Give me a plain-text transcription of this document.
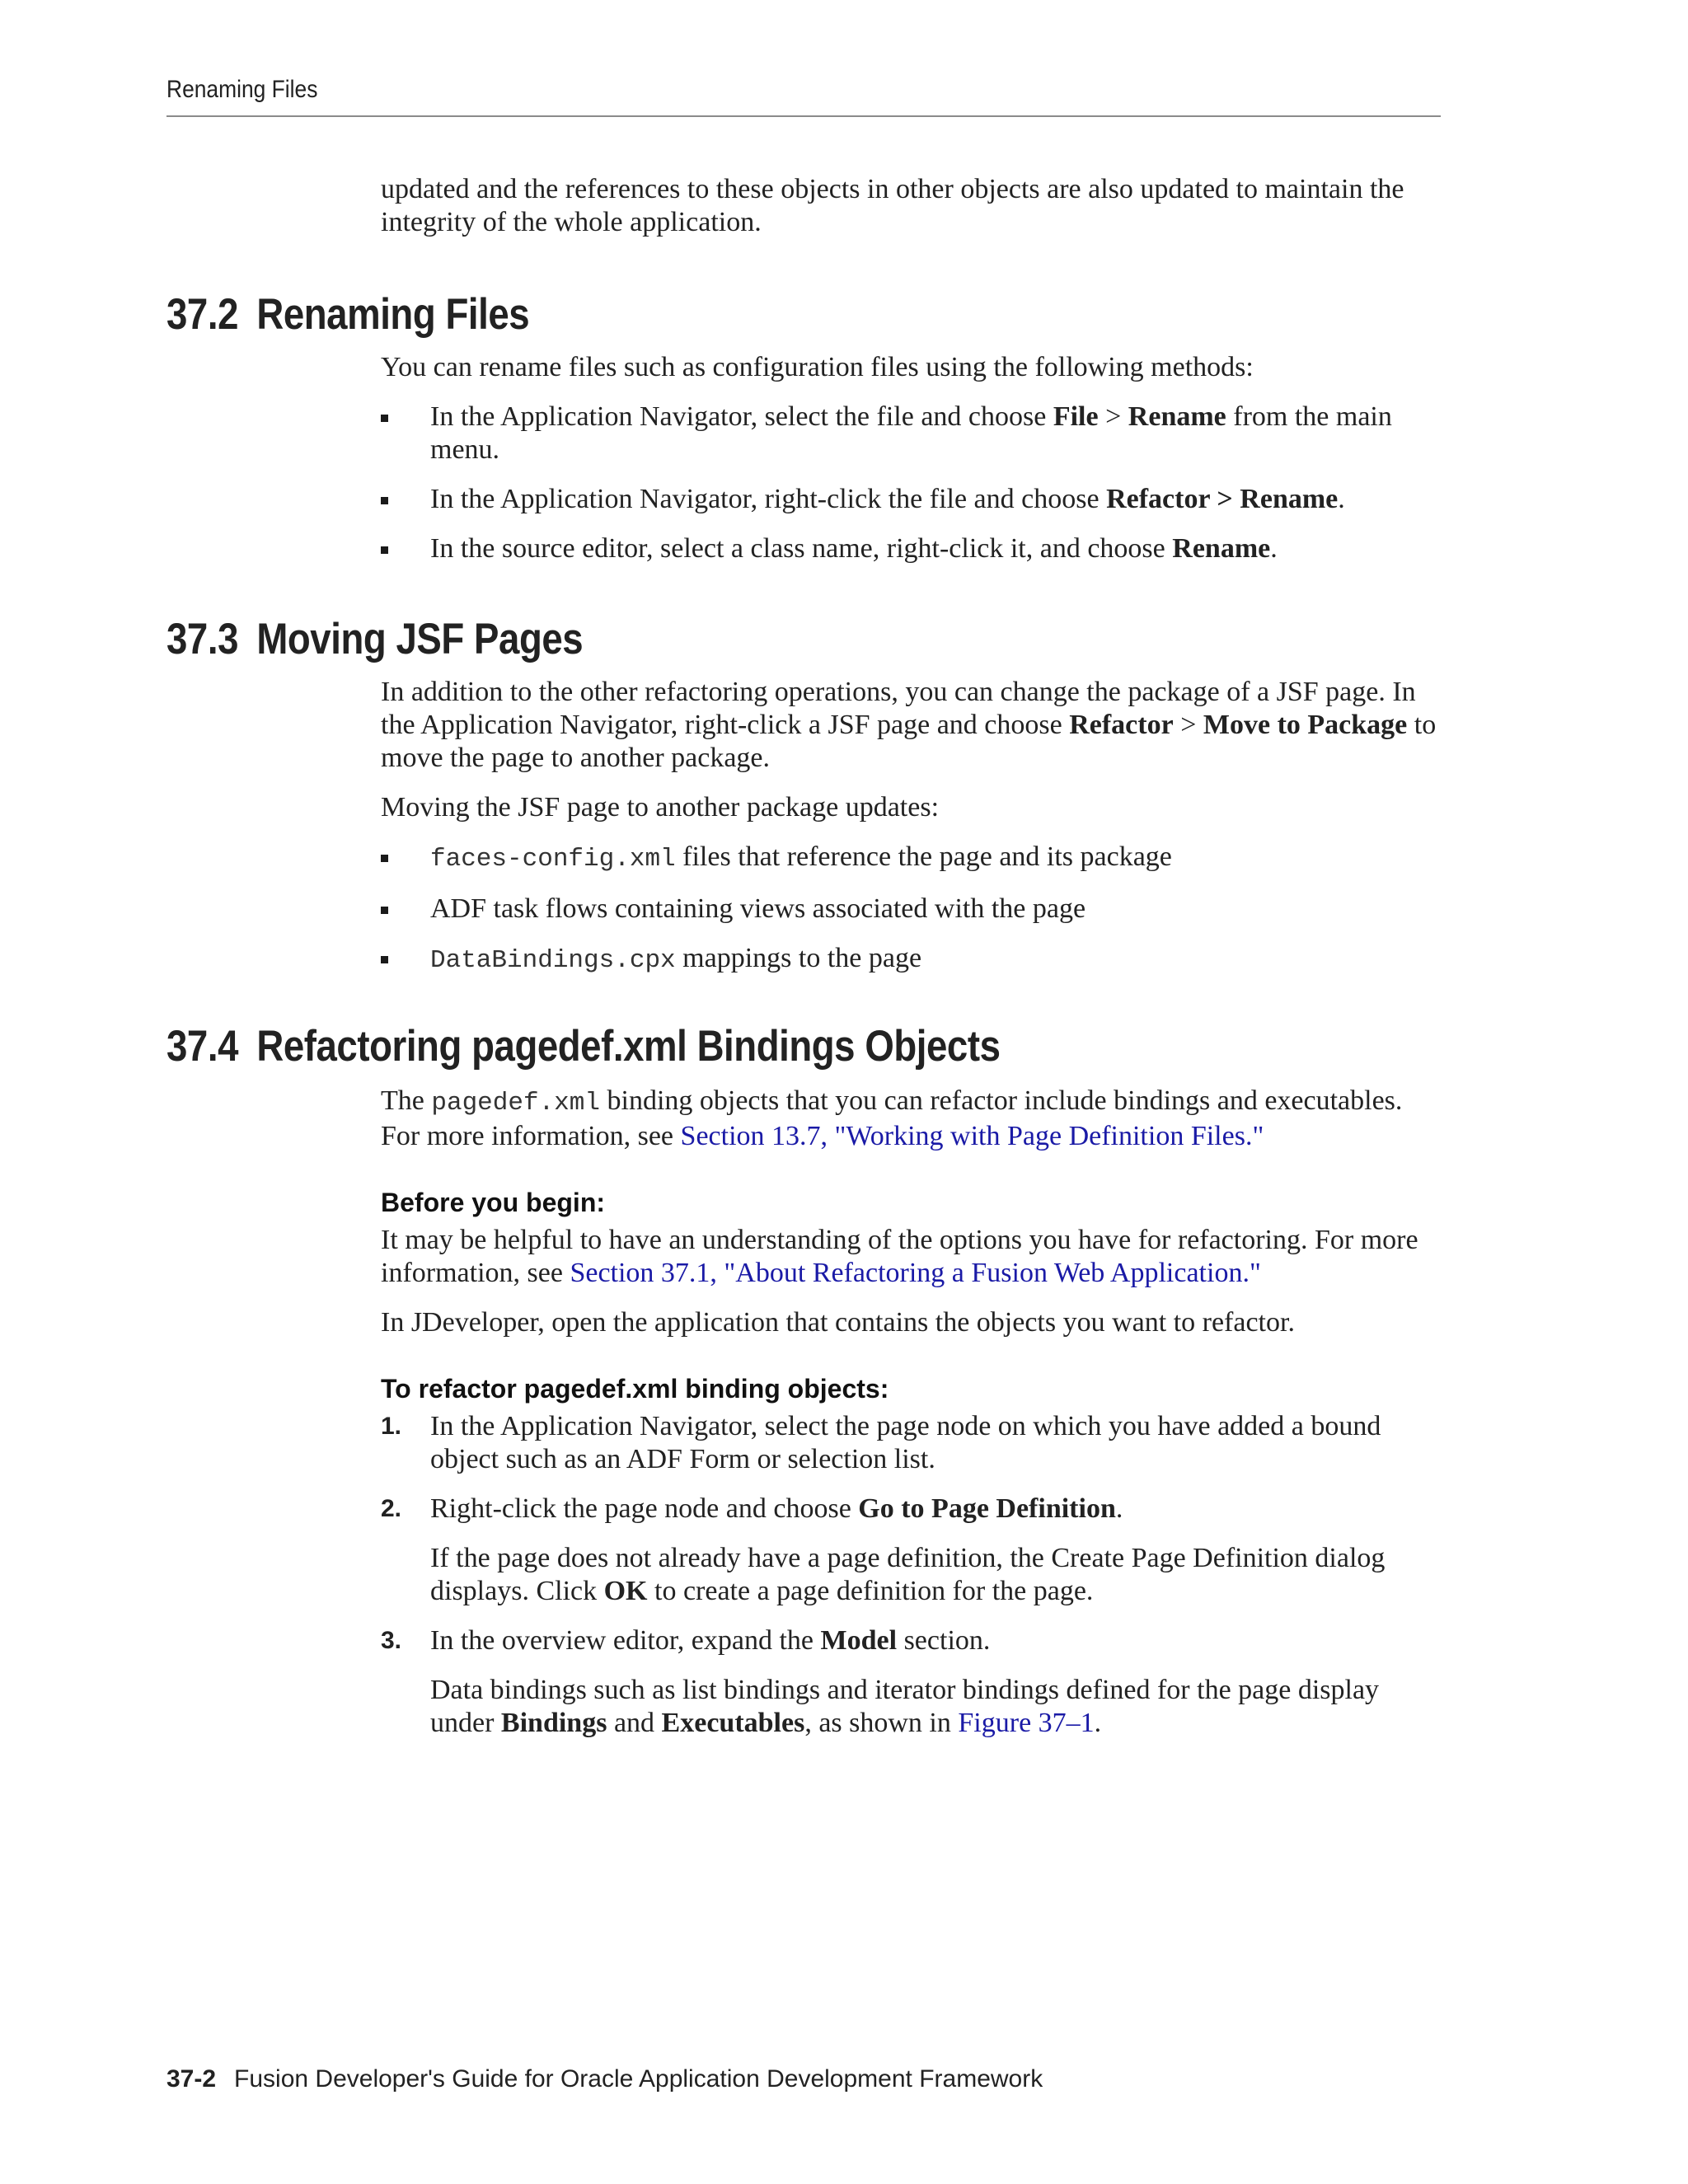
Renaming Files

updated and the references to these objects in other objects are also updated to maintain the integrity of the whole application.

37.2 Renaming Files

You can rename files such as configuration files using the following methods:

In the Application Navigator, select the file and choose File > Rename from the main menu.
In the Application Navigator, right-click the file and choose Refactor > Rename.
In the source editor, select a class name, right-click it, and choose Rename.
37.3 Moving JSF Pages

In addition to the other refactoring operations, you can change the package of a JSF page. In the Application Navigator, right-click a JSF page and choose Refactor > Move to Package to move the page to another package.

Moving the JSF page to another package updates:

faces-config.xml files that reference the page and its package
ADF task flows containing views associated with the page
DataBindings.cpx mappings to the page
37.4 Refactoring pagedef.xml Bindings Objects

The pagedef.xml binding objects that you can refactor include bindings and executables. For more information, see Section 13.7, "Working with Page Definition Files."

Before you begin:

It may be helpful to have an understanding of the options you have for refactoring. For more information, see Section 37.1, "About Refactoring a Fusion Web Application."

In JDeveloper, open the application that contains the objects you want to refactor.

To refactor pagedef.xml binding objects:
1. In the Application Navigator, select the page node on which you have added a bound object such as an ADF Form or selection list.
2. Right-click the page node and choose Go to Page Definition.
If the page does not already have a page definition, the Create Page Definition dialog displays. Click OK to create a page definition for the page.
3. In the overview editor, expand the Model section.
Data bindings such as list bindings and iterator bindings defined for the page display under Bindings and Executables, as shown in Figure 37–1.
37-2 Fusion Developer's Guide for Oracle Application Development Framework
